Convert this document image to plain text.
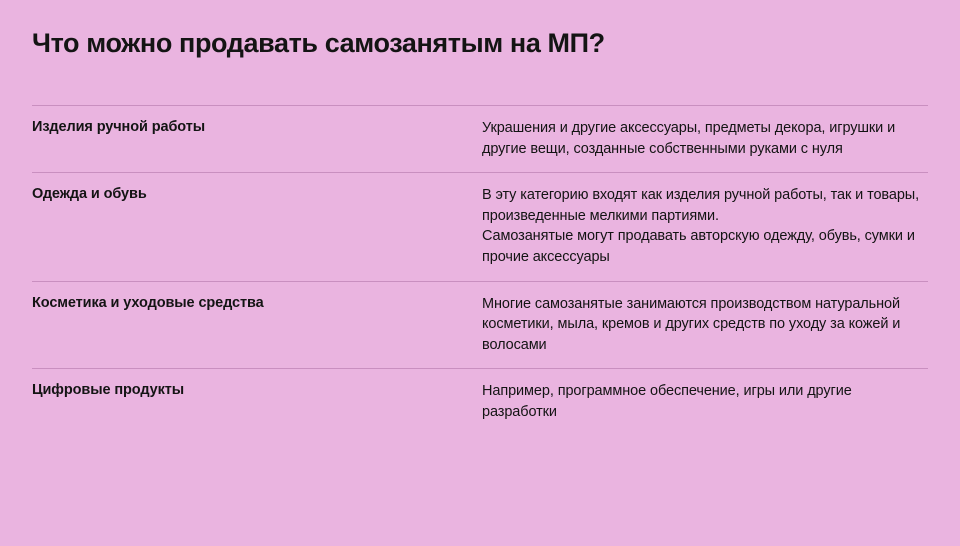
Что можно продавать самозанятым на МП?
Изделия ручной работы	Украшения и другие аксессуары, предметы декора, игрушки и другие вещи, созданные собственными руками с нуля

Одежда и обувь	В эту категорию входят как изделия ручной работы, так и товары, произведенные мелкими партиями.

Самозанятые могут продавать авторскую одежду, обувь, сумки и прочие аксессуары

Косметика и уходовые средства	Многие самозанятые занимаются производством натуральной косметики, мыла, кремов и других средств по уходу за кожей и волосами

Цифровые продукты	Например, программное обеспечение, игры или другие разработки
